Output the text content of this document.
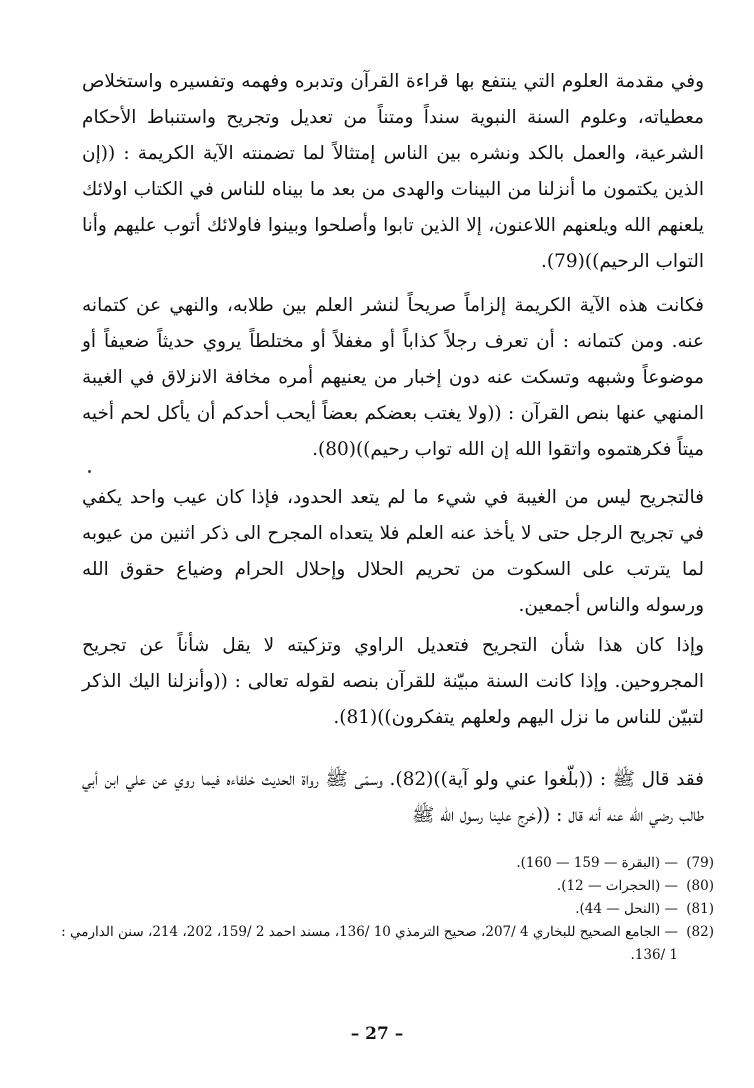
وفي مقدمة العلوم التي ينتفع بها قراءة القرآن وتدبره وفهمه وتفسيره واستخلاص معطياته، وعلوم السنة النبوية سنداً ومتناً من تعديل وتجريح واستنباط الأحكام الشرعية، والعمل بالكد ونشره بين الناس إمتثالاً لما تضمنته الآية الكريمة : ((إن الذين يكتمون ما أنزلنا من البينات والهدى من بعد ما بيناه للناس في الكتاب اولائك يلعنهم الله ويلعنهم اللاعنون، إلا الذين تابوا وأصلحوا وبينوا فاولائك أتوب عليهم وأنا التواب الرحيم))(79).

فكانت هذه الآية الكريمة إلزاماً صريحاً لنشر العلم بين طلابه، والنهي عن كتمانه عنه. ومن كتمانه : أن تعرف رجلاً كذاباً أو مغفلاً أو مختلطاً يروي حديثاً ضعيفاً أو موضوعاً وشبهه وتسكت عنه دون إخبار من يعنيهم أمره مخافة الانزلاق في الغيبة المنهي عنها بنص القرآن : ((ولا يغتب بعضكم بعضاً أيحب أحدكم أن يأكل لحم أخيه ميتاً فكرهتموه واتقوا الله إن الله تواب رحيم))(80).

فالتجريح ليس من الغيبة في شيء ما لم يتعد الحدود، فإذا كان عيب واحد يكفي في تجريح الرجل حتى لا يأخذ عنه العلم فلا يتعداه المجرح الى ذكر اثنين من عيوبه لما يترتب على السكوت من تحريم الحلال وإحلال الحرام وضياع حقوق الله ورسوله والناس أجمعين.

وإذا كان هذا شأن التجريح فتعديل الراوي وتزكيته لا يقل شأناً عن تجريح المجروحين. وإذا كانت السنة مبيّنة للقرآن بنصه لقوله تعالى : ((وأنزلنا اليك الذكر لتبيّن للناس ما نزل اليهم ولعلهم يتفكرون))(81).

فقد قال ﷺ : ((بلّغوا عني ولو آية))(82). وسمّى ﷺ رواة الحديث خلفاءه فيما روي عن علي ابن أبي طالب رضي الله عنه أنه قال : ((خرج علينا رسول الله ﷺ

(79)
— (البقرة — 159 — 160).
(80)
— (الحجرات — 12).
(81)
— (النحل — 44).
(82)
— الجامع الصحيح للبخاري 4 /207، صحيح الترمذي 10 /136، مسند احمد 2 /159، 202، 214، سنن الدارمي : 1 /136.
– 27 –
